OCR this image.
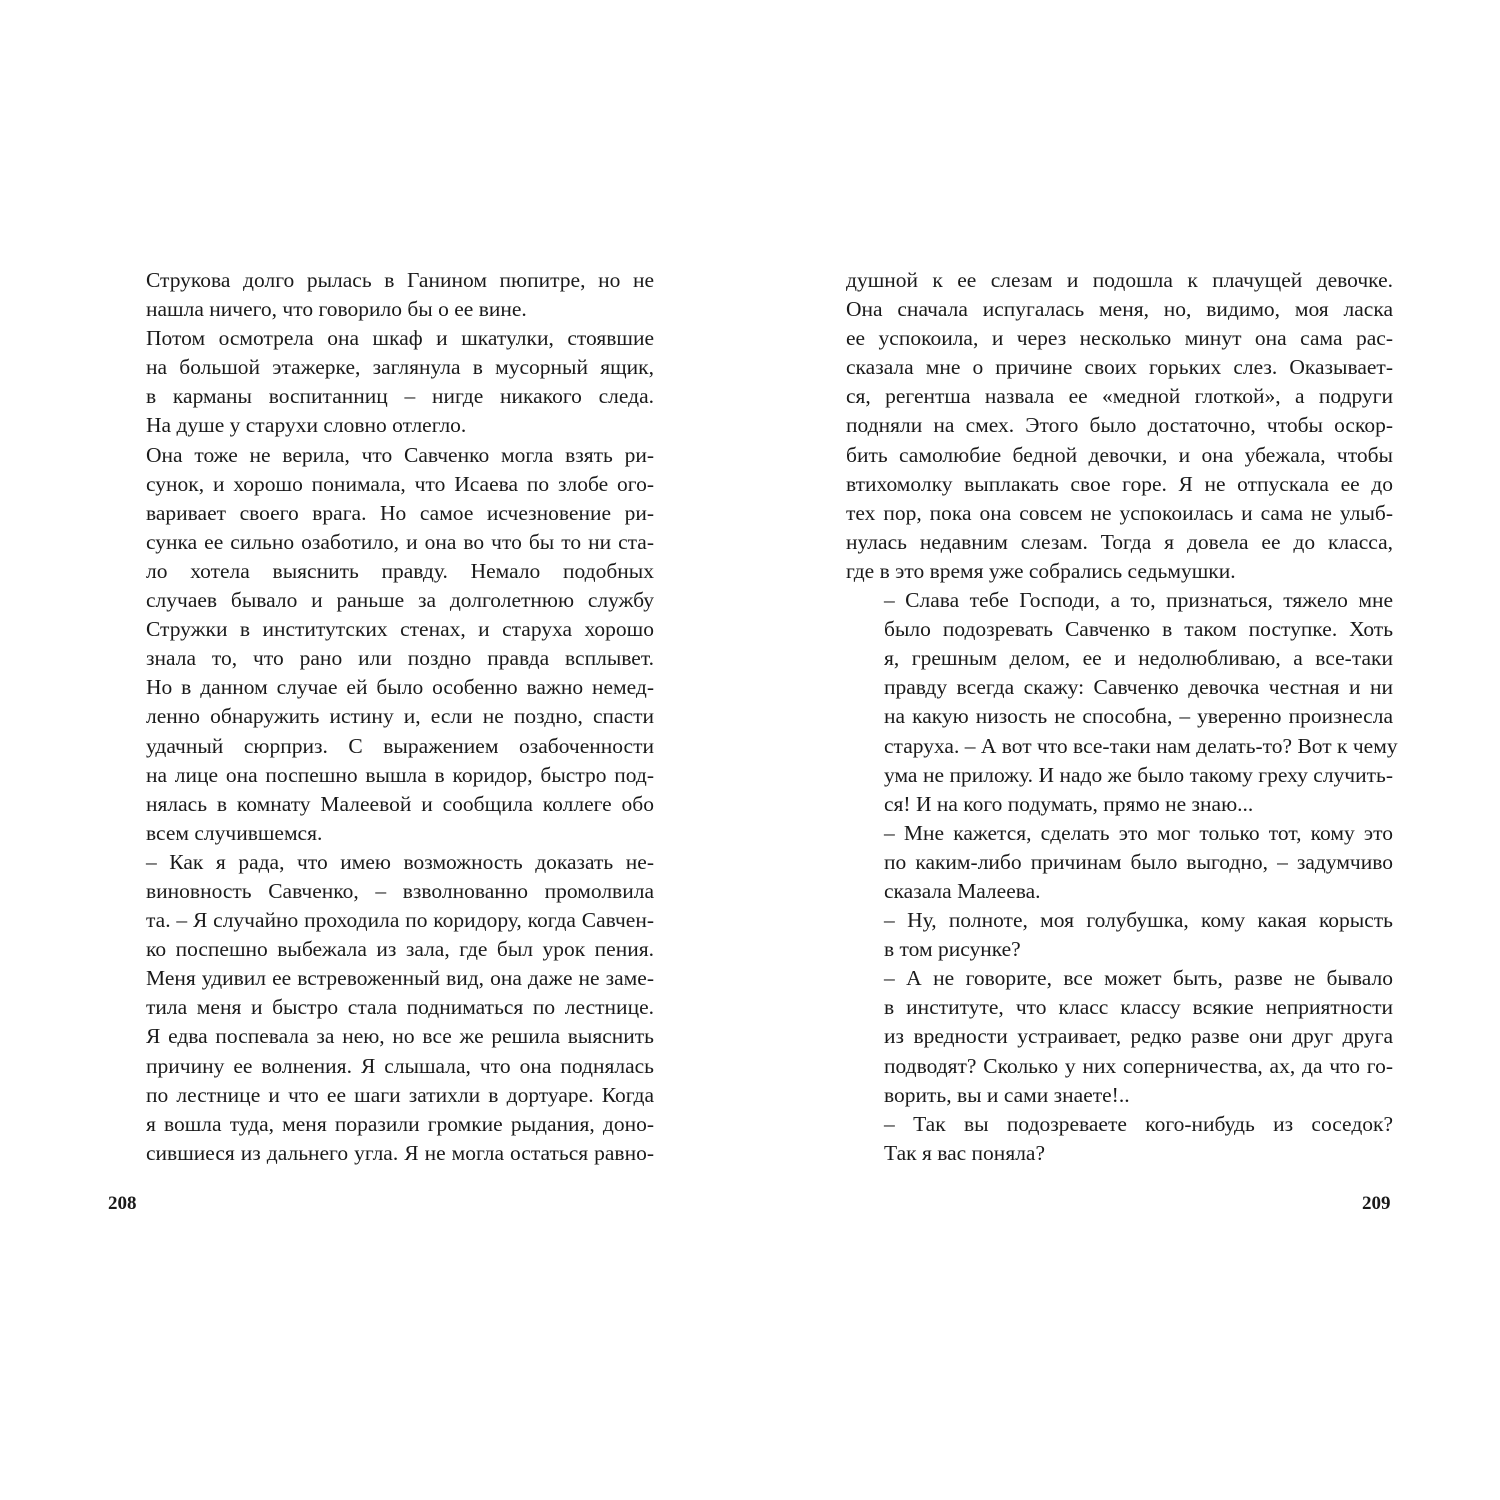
Струкова долго рылась в Ганином пюпитре, но не
нашла ничего, что говорило бы о ее вине.

Потом осмотрела она шкаф и шкатулки, стоявшие
на большой этажерке, заглянула в мусорный ящик,
в карманы воспитанниц – нигде никакого следа.
На душе у старухи словно отлегло.

Она тоже не верила, что Савченко могла взять ри-
сунок, и хорошо понимала, что Исаева по злобе ого-
варивает своего врага. Но самое исчезновение ри-
сунка ее сильно озаботило, и она во что бы то ни ста-
ло хотела выяснить правду. Немало подобных
случаев бывало и раньше за долголетнюю службу
Стружки в институтских стенах, и старуха хорошо
знала то, что рано или поздно правда всплывет.
Но в данном случае ей было особенно важно немед-
ленно обнаружить истину и, если не поздно, спасти
удачный сюрприз. С выражением озабоченности
на лице она поспешно вышла в коридор, быстро под-
нялась в комнату Малеевой и сообщила коллеге обо
всем случившемся.

– Как я рада, что имею возможность доказать не-
виновность Савченко, – взволнованно промолвила
та. – Я случайно проходила по коридору, когда Савчен-
ко поспешно выбежала из зала, где был урок пения.
Меня удивил ее встревоженный вид, она даже не заме-
тила меня и быстро стала подниматься по лестнице.
Я едва поспевала за нею, но все же решила выяснить
причину ее волнения. Я слышала, что она поднялась
по лестнице и что ее шаги затихли в дортуаре. Когда
я вошла туда, меня поразили громкие рыдания, доно-
сившиеся из дальнего угла. Я не могла остаться равно-

208

душной к ее слезам и подошла к плачущей девочке.
Она сначала испугалась меня, но, видимо, моя ласка
ее успокоила, и через несколько минут она сама рас-
сказала мне о причине своих горьких слез. Оказывает-
ся, регентша назвала ее «медной глоткой», а подруги
подняли на смех. Этого было достаточно, чтобы оскор-
бить самолюбие бедной девочки, и она убежала, чтобы
втихомолку выплакать свое горе. Я не отпускала ее до
тех пор, пока она совсем не успокоилась и сама не улыб-
нулась недавним слезам. Тогда я довела ее до класса,
где в это время уже собрались седьмушки.

– Слава тебе Господи, а то, признаться, тяжело мне
было подозревать Савченко в таком поступке. Хоть
я, грешным делом, ее и недолюбливаю, а все-таки
правду всегда скажу: Савченко девочка честная и ни
на какую низость не способна, – уверенно произнесла
старуха. – А вот что все-таки нам делать-то? Вот к чему
ума не приложу. И надо же было такому греху случить-
ся! И на кого подумать, прямо не знаю...

– Мне кажется, сделать это мог только тот, кому это
по каким-либо причинам было выгодно, – задумчиво
сказала Малеева.

– Ну, полноте, моя голубушка, кому какая корысть
в том рисунке?

– А не говорите, все может быть, разве не бывало
в институте, что класс классу всякие неприятности
из вредности устраивает, редко разве они друг друга
подводят? Сколько у них соперничества, ах, да что го-
ворить, вы и сами знаете!..

– Так вы подозреваете кого-нибудь из соседок?
Так я вас поняла?

209
